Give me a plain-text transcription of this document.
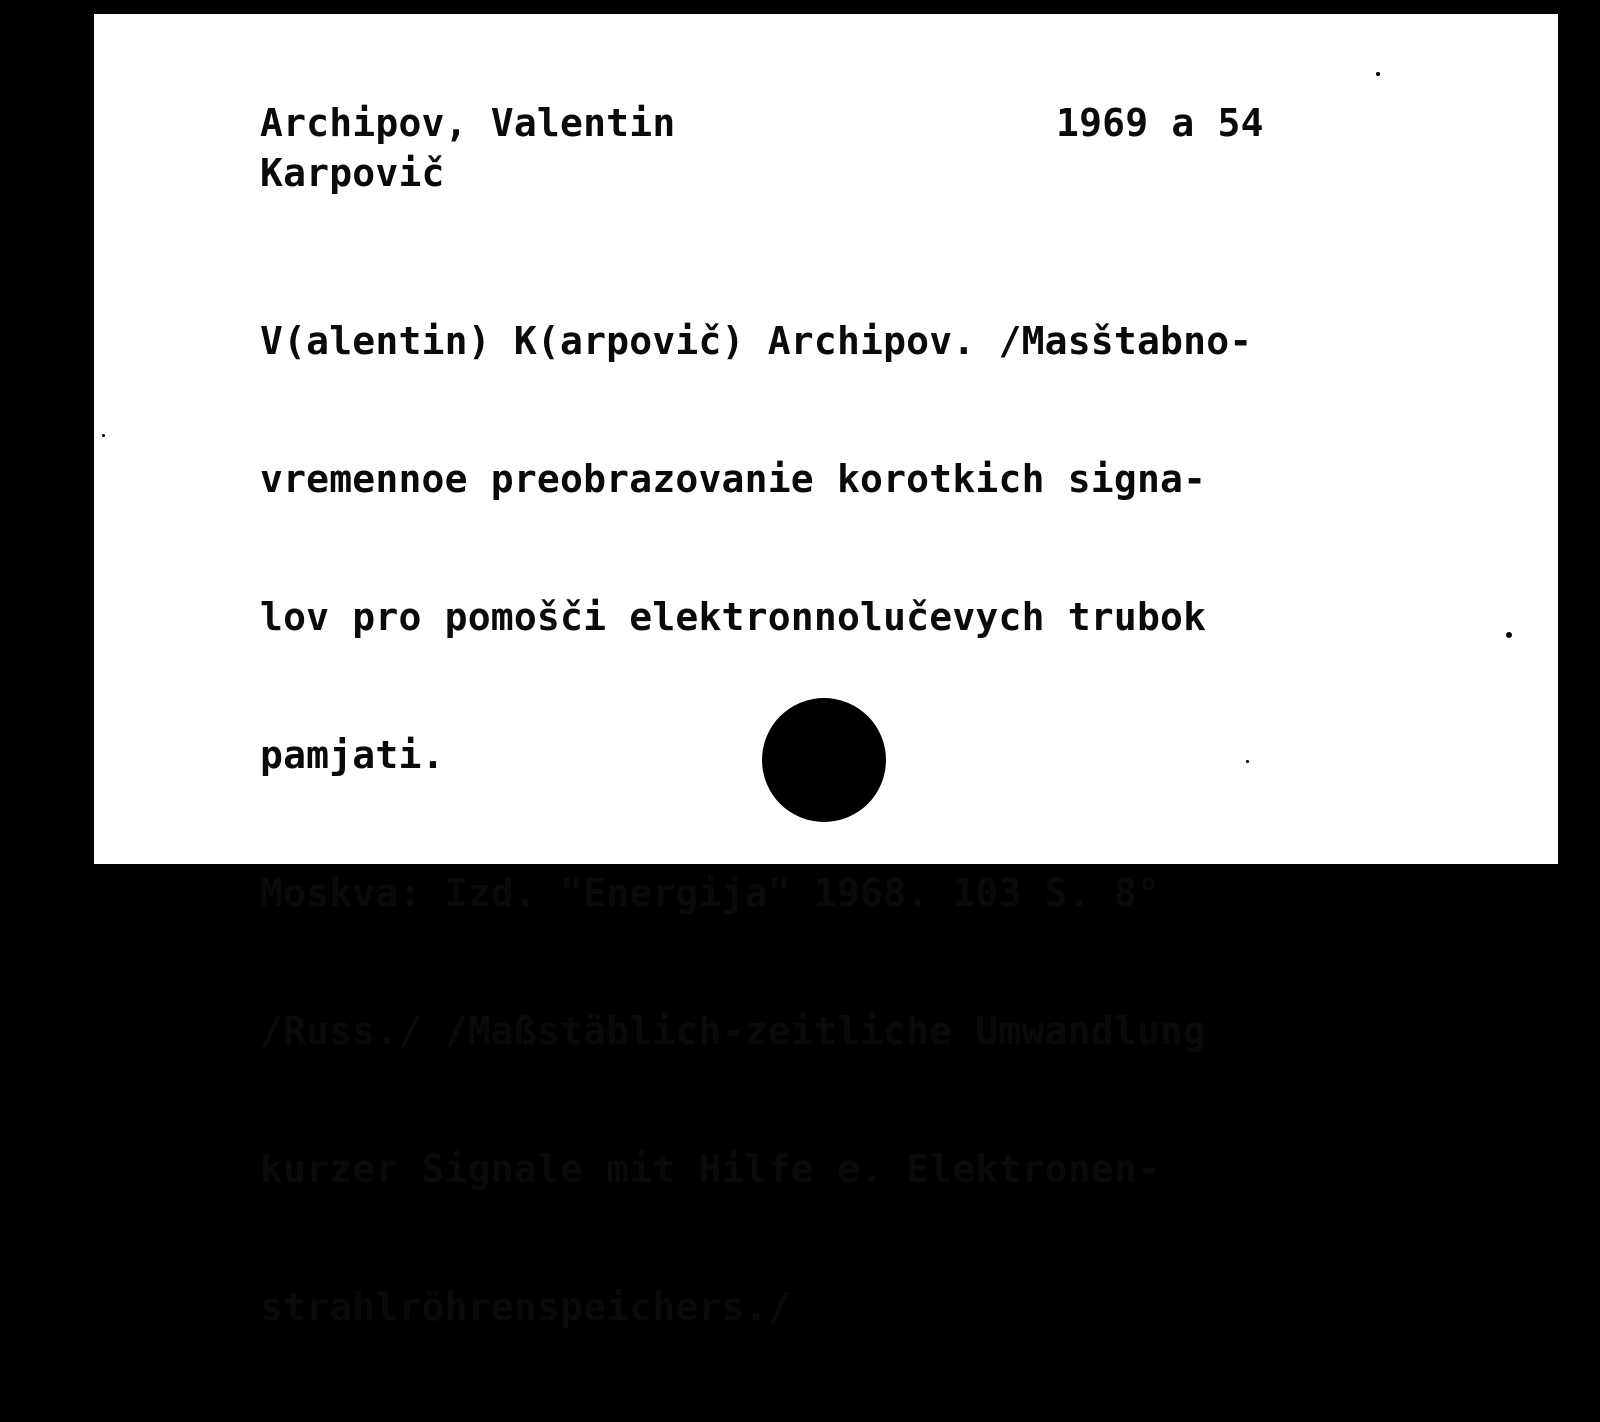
Archipov, Valentin
Karpovič
1969 a 54

V(alentin) K(arpovič) Archipov. /Masštabno-

vremennoe preobrazovanie korotkich signa-

lov pro pomošči elektronnolučevych trubok

pamjati.

Moskva: Izd. "Energija" 1968. 103 S. 8°

/Russ./ /Maßstäblich-zeitliche Umwandlung

kurzer Signale mit Hilfe e. Elektronen-

strahlröhrenspeichers./
